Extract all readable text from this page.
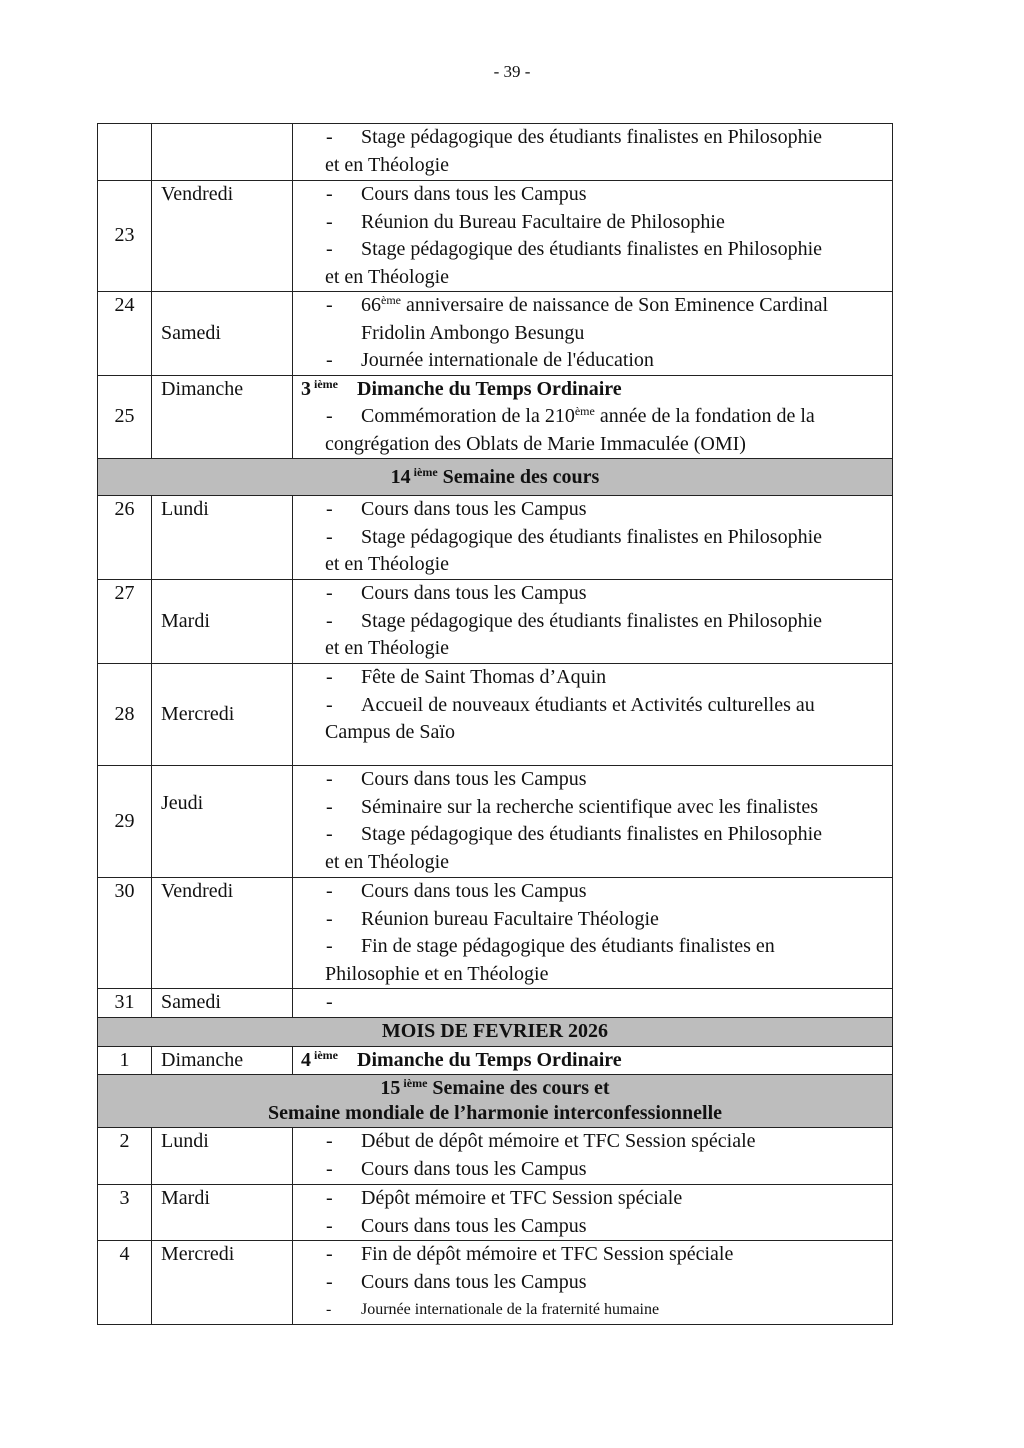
- 39 -

		- Stage pédagogique des étudiants finalistes en Philosophie
et en Théologie

23	Vendredi	- Cours dans tous les Campus
- Réunion du Bureau Facultaire de Philosophie
- Stage pédagogique des étudiants finalistes en Philosophie
et en Théologie

24	Samedi	- 66ème anniversaire de naissance de Son Eminence Cardinal
Fridolin Ambongo Besungu
- Journée internationale de l'éducation

25	Dimanche	3 $^{ième}$ Dimanche du Temps Ordinaire
- Commémoration de la 210ème année de la fondation de la
congrégation des Oblats de Marie Immaculée (OMI)

14 $^{ième}$ Semaine des cours		

26	Lundi	- Cours dans tous les Campus
- Stage pédagogique des étudiants finalistes en Philosophie
et en Théologie

27	Mardi	- Cours dans tous les Campus
- Stage pédagogique des étudiants finalistes en Philosophie
et en Théologie

28	Mercredi	- Fête de Saint Thomas d’Aquin
- Accueil de nouveaux étudiants et Activités culturelles au
Campus de Saïo

29	Jeudi	- Cours dans tous les Campus
- Séminaire sur la recherche scientifique avec les finalistes
- Stage pédagogique des étudiants finalistes en Philosophie
et en Théologie

30	Vendredi	- Cours dans tous les Campus
- Réunion bureau Facultaire Théologie
- Fin de stage pédagogique des étudiants finalistes en
Philosophie et en Théologie

31	Samedi	-

MOIS DE FEVRIER 2026		

1	Dimanche	4 $^{ième}$ Dimanche du Temps Ordinaire

15 $^{ième}$ Semaine des cours et
Semaine mondiale de l’harmonie interconfessionnelle		

2	Lundi	- Début de dépôt mémoire et TFC Session spéciale
- Cours dans tous les Campus

3	Mardi	- Dépôt mémoire et TFC Session spéciale
- Cours dans tous les Campus

4	Mercredi	- Fin de dépôt mémoire et TFC Session spéciale
- Cours dans tous les Campus
- Journée internationale de la fraternité humaine
